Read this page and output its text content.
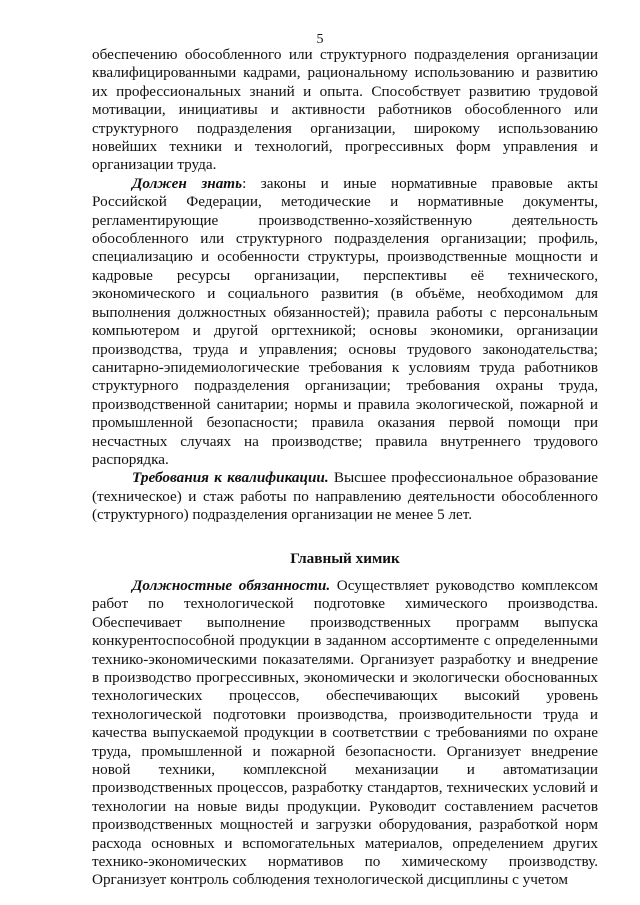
5

обеспечению обособленного или структурного подразделения организации квалифицированными кадрами, рациональному использованию и развитию их профессиональных знаний и опыта. Способствует развитию трудовой мотивации, инициативы и активности работников обособленного или структурного подразделения организации, широкому использованию новейших техники и технологий, прогрессивных форм управления и организации труда.

Должен знать: законы и иные нормативные правовые акты Российской Федерации, методические и нормативные документы, регламентирующие производственно-хозяйственную деятельность обособленного или структурного подразделения организации; профиль, специализацию и особенности структуры, производственные мощности и кадровые ресурсы организации, перспективы её технического, экономического и социального развития (в объёме, необходимом для выполнения должностных обязанностей); правила работы с персональным компьютером и другой оргтехникой; основы экономики, организации производства, труда и управления; основы трудового законодательства; санитарно-эпидемиологические требования к условиям труда работников структурного подразделения организации; требования охраны труда, производственной санитарии; нормы и правила экологической, пожарной и промышленной безопасности; правила оказания первой помощи при несчастных случаях на производстве; правила внутреннего трудового распорядка.

Требования к квалификации. Высшее профессиональное образование (техническое) и стаж работы по направлению деятельности обособленного (структурного) подразделения организации не менее 5 лет.

Главный химик

Должностные обязанности. Осуществляет руководство комплексом работ по технологической подготовке химического производства. Обеспечивает выполнение производственных программ выпуска конкурентоспособной продукции в заданном ассортименте с определенными технико-экономическими показателями. Организует разработку и внедрение в производство прогрессивных, экономически и экологически обоснованных технологических процессов, обеспечивающих высокий уровень технологической подготовки производства, производительности труда и качества выпускаемой продукции в соответствии с требованиями по охране труда, промышленной и пожарной безопасности. Организует внедрение новой техники, комплексной механизации и автоматизации производственных процессов, разработку стандартов, технических условий и технологии на новые виды продукции. Руководит составлением расчетов производственных мощностей и загрузки оборудования, разработкой норм расхода основных и вспомогательных материалов, определением других технико-экономических нормативов по химическому производству. Организует контроль соблюдения технологической дисциплины с учетом
